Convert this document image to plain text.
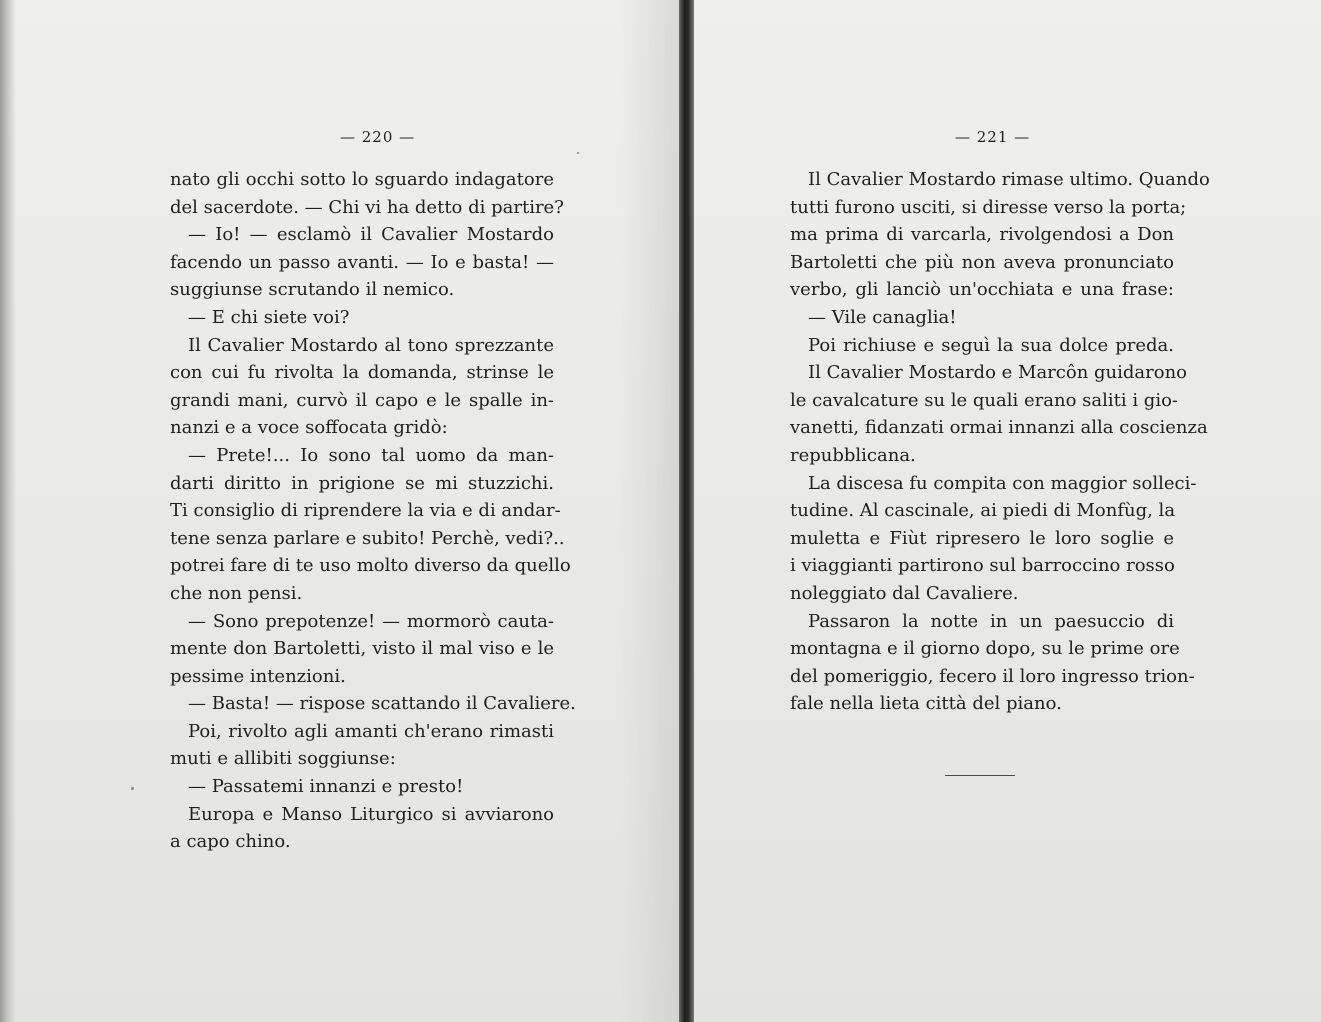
— 220 —
nato gli occhi sotto lo sguardo indagatore
del sacerdote. — Chi vi ha detto di partire?
— Io! — esclamò il Cavalier Mostardo
facendo un passo avanti. — Io e basta! —
suggiunse scrutando il nemico.
— E chi siete voi?
Il Cavalier Mostardo al tono sprezzante
con cui fu rivolta la domanda, strinse le
grandi mani, curvò il capo e le spalle in-
nanzi e a voce soffocata gridò:
— Prete!... Io sono tal uomo da man-
darti diritto in prigione se mi stuzzichi.
Ti consiglio di riprendere la via e di andar-
tene senza parlare e subito! Perchè, vedi?..
potrei fare di te uso molto diverso da quello
che non pensi.
— Sono prepotenze! — mormorò cauta-
mente don Bartoletti, visto il mal viso e le
pessime intenzioni.
— Basta! — rispose scattando il Cavaliere.
Poi, rivolto agli amanti ch'erano rimasti
muti e allibiti soggiunse:
— Passatemi innanzi e presto!
Europa e Manso Liturgico si avviarono
a capo chino.
— 221 —
Il Cavalier Mostardo rimase ultimo. Quando
tutti furono usciti, si diresse verso la porta;
ma prima di varcarla, rivolgendosi a Don
Bartoletti che più non aveva pronunciato
verbo, gli lanciò un'occhiata e una frase:
— Vile canaglia!
Poi richiuse e seguì la sua dolce preda.
Il Cavalier Mostardo e Marcôn guidarono
le cavalcature su le quali erano saliti i gio-
vanetti, fidanzati ormai innanzi alla coscienza
repubblicana.
La discesa fu compita con maggior solleci-
tudine. Al cascinale, ai piedi di Monfùg, la
muletta e Fiùt ripresero le loro soglie e
i viaggianti partirono sul barroccino rosso
noleggiato dal Cavaliere.
Passaron la notte in un paesuccio di
montagna e il giorno dopo, su le prime ore
del pomeriggio, fecero il loro ingresso trion-
fale nella lieta città del piano.
